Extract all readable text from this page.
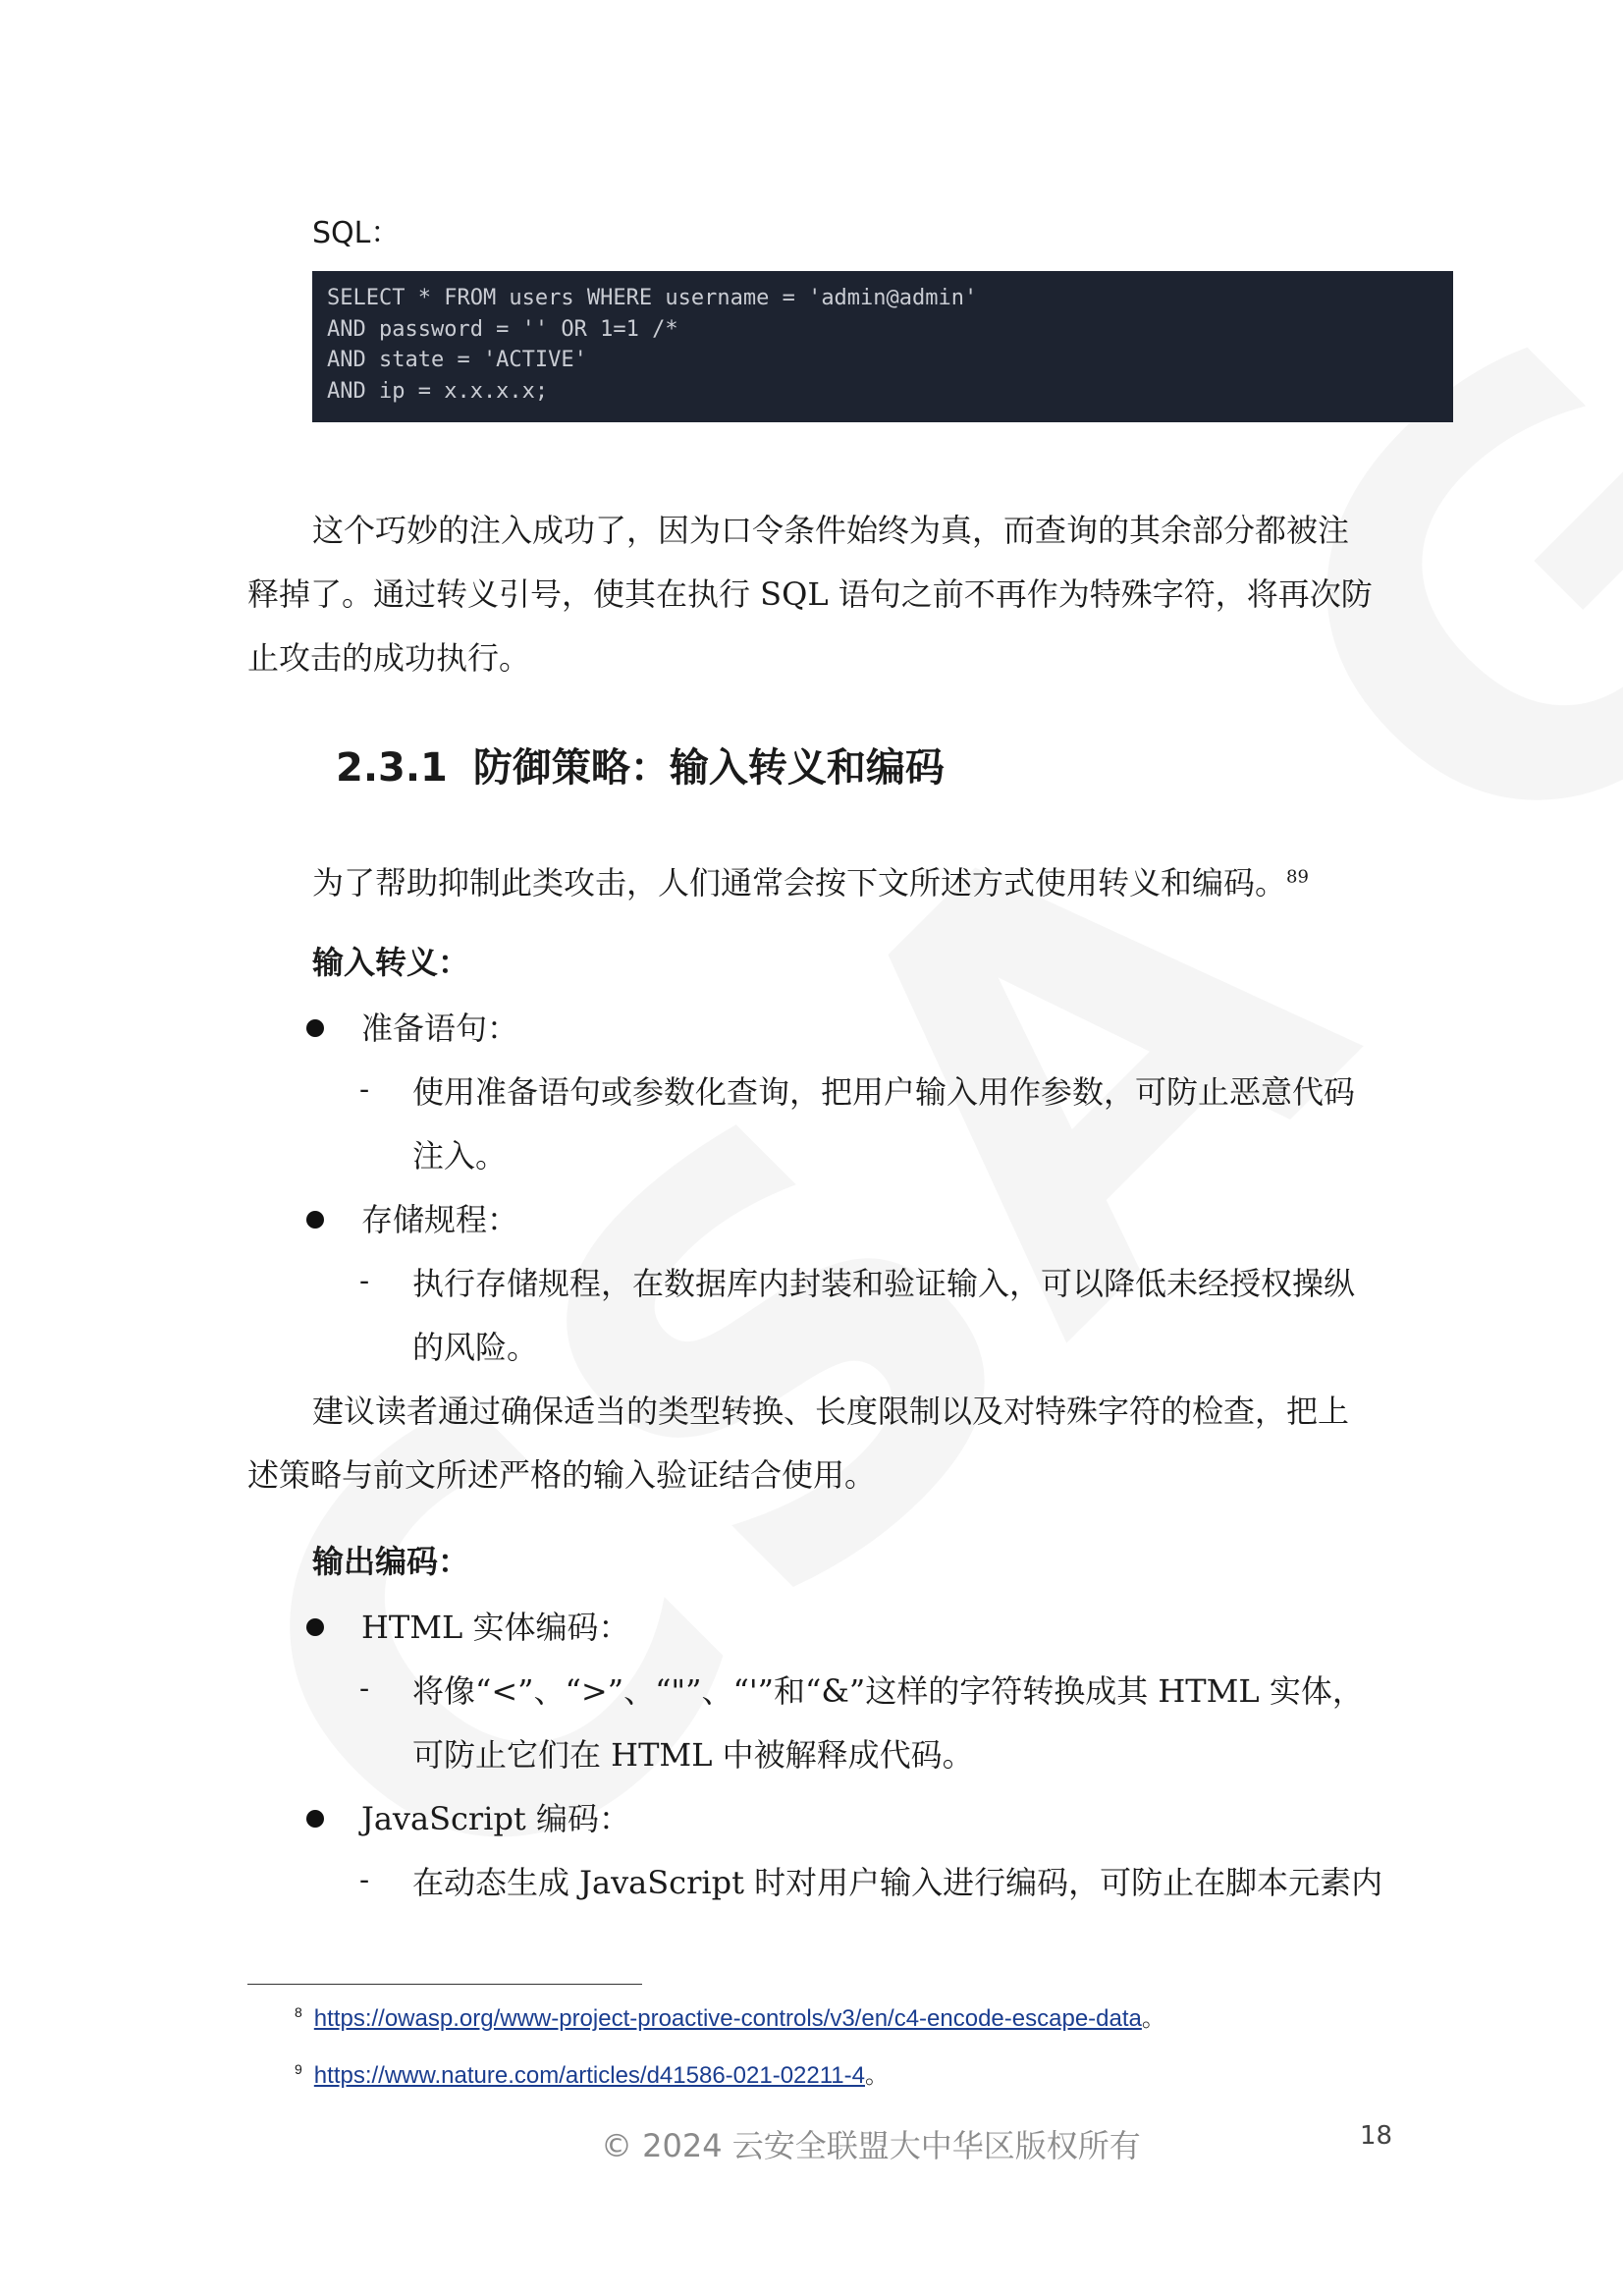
SQL：
SELECT * FROM users WHERE username = 'admin@admin'
AND password = '' OR 1=1 /*
AND state = 'ACTIVE'
AND ip = x.x.x.x;
这个巧妙的注入成功了，因为口令条件始终为真，而查询的其余部分都被注
释掉了。通过转义引号，使其在执行 SQL 语句之前不再作为特殊字符，将再次防
止攻击的成功执行。
2.3.1 防御策略：输入转义和编码
为了帮助抑制此类攻击，人们通常会按下文所述方式使用转义和编码。$^{89}$
输入转义：
准备语句：
- 使用准备语句或参数化查询，把用户输入用作参数，可防止恶意代码
注入。
存储规程：
- 执行存储规程，在数据库内封装和验证输入，可以降低未经授权操纵
的风险。
建议读者通过确保适当的类型转换、长度限制以及对特殊字符的检查，把上
述策略与前文所述严格的输入验证结合使用。
输出编码：
HTML 实体编码：
- 将像“<”、“>”、“"”、“'”和“&”这样的字符转换成其 HTML 实体，
可防止它们在 HTML 中被解释成代码。
JavaScript 编码：
- 在动态生成 JavaScript 时对用户输入进行编码，可防止在脚本元素内
$^8$ https://owasp.org/www-project-proactive-controls/v3/en/c4-encode-escape-data。
$^9$ https://www.nature.com/articles/d41586-021-02211-4。
© 2024 云安全联盟大中华区版权所有	18
